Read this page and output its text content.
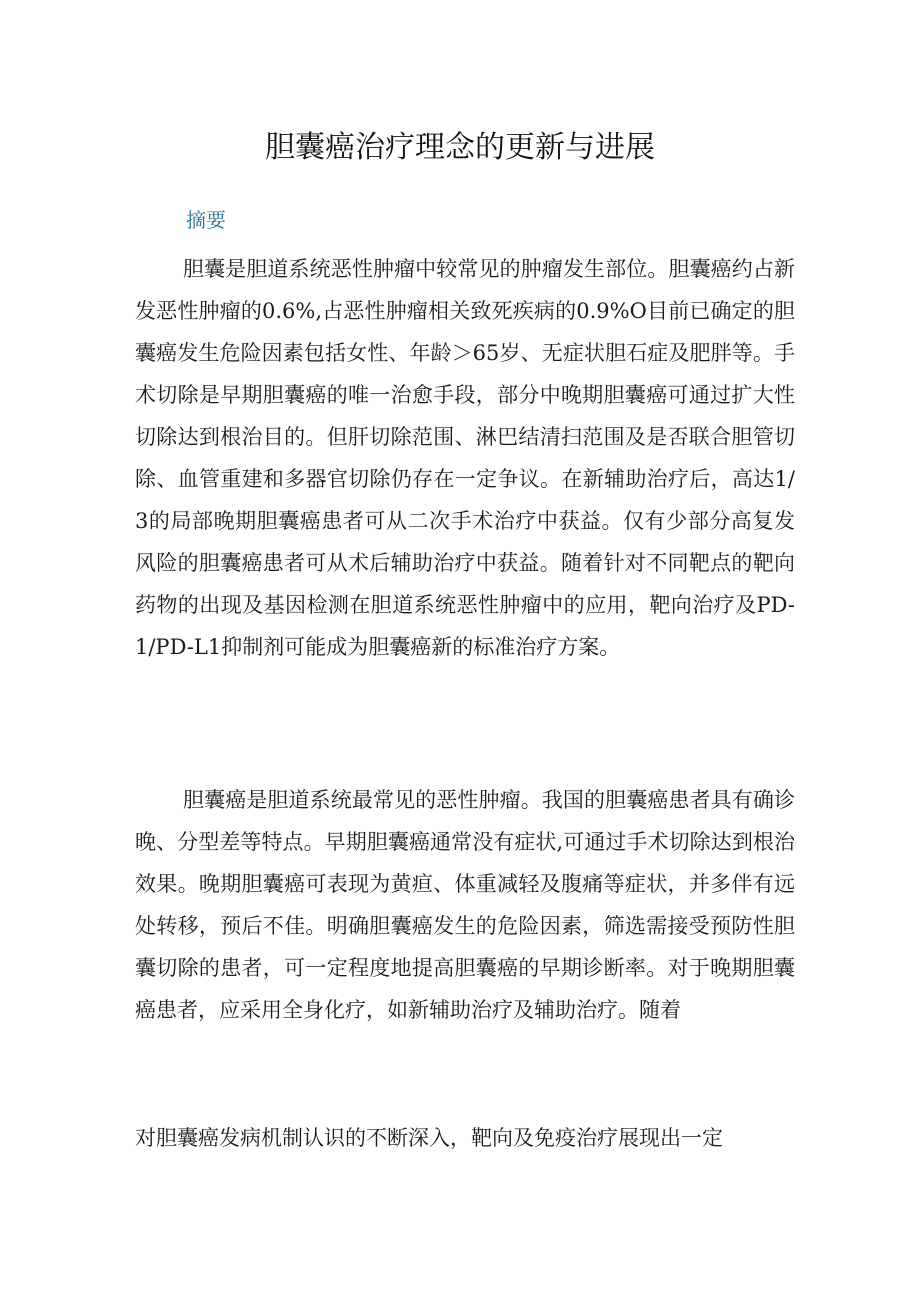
胆囊癌治疗理念的更新与进展
摘要

胆囊是胆道系统恶性肿瘤中较常见的肿瘤发生部位。胆囊癌约占新发恶性肿瘤的0.6%,占恶性肿瘤相关致死疾病的0.9%O目前已确定的胆囊癌发生危险因素包括女性、年龄＞65岁、无症状胆石症及肥胖等。手术切除是早期胆囊癌的唯一治愈手段，部分中晚期胆囊癌可通过扩大性切除达到根治目的。但肝切除范围、淋巴结清扫范围及是否联合胆管切除、血管重建和多器官切除仍存在一定争议。在新辅助治疗后，高达1/3的局部晚期胆囊癌患者可从二次手术治疗中获益。仅有少部分高复发风险的胆囊癌患者可从术后辅助治疗中获益。随着针对不同靶点的靶向药物的出现及基因检测在胆道系统恶性肿瘤中的应用，靶向治疗及PD-1/PD-L1抑制剂可能成为胆囊癌新的标准治疗方案。

胆囊癌是胆道系统最常见的恶性肿瘤。我国的胆囊癌患者具有确诊晚、分型差等特点。早期胆囊癌通常没有症状,可通过手术切除达到根治效果。晚期胆囊癌可表现为黄疸、体重减轻及腹痛等症状，并多伴有远处转移，预后不佳。明确胆囊癌发生的危险因素，筛选需接受预防性胆囊切除的患者，可一定程度地提高胆囊癌的早期诊断率。对于晚期胆囊癌患者，应采用全身化疗，如新辅助治疗及辅助治疗。随着

对胆囊癌发病机制认识的不断深入，靶向及免疫治疗展现出一定
